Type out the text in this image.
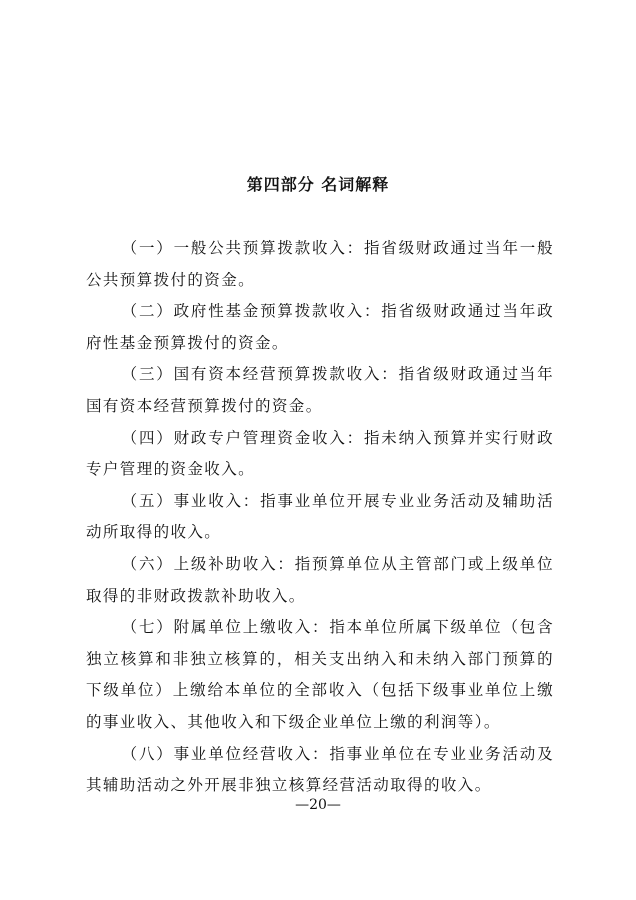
第四部分 名词解释

（一）一般公共预算拨款收入：指省级财政通过当年一般公共预算拨付的资金。

（二）政府性基金预算拨款收入：指省级财政通过当年政府性基金预算拨付的资金。

（三）国有资本经营预算拨款收入：指省级财政通过当年国有资本经营预算拨付的资金。

（四）财政专户管理资金收入：指未纳入预算并实行财政专户管理的资金收入。

（五）事业收入：指事业单位开展专业业务活动及辅助活动所取得的收入。

（六）上级补助收入：指预算单位从主管部门或上级单位取得的非财政拨款补助收入。

（七）附属单位上缴收入：指本单位所属下级单位（包含独立核算和非独立核算的，相关支出纳入和未纳入部门预算的下级单位）上缴给本单位的全部收入（包括下级事业单位上缴的事业收入、其他收入和下级企业单位上缴的利润等）。

（八）事业单位经营收入：指事业单位在专业业务活动及其辅助活动之外开展非独立核算经营活动取得的收入。

—20—
